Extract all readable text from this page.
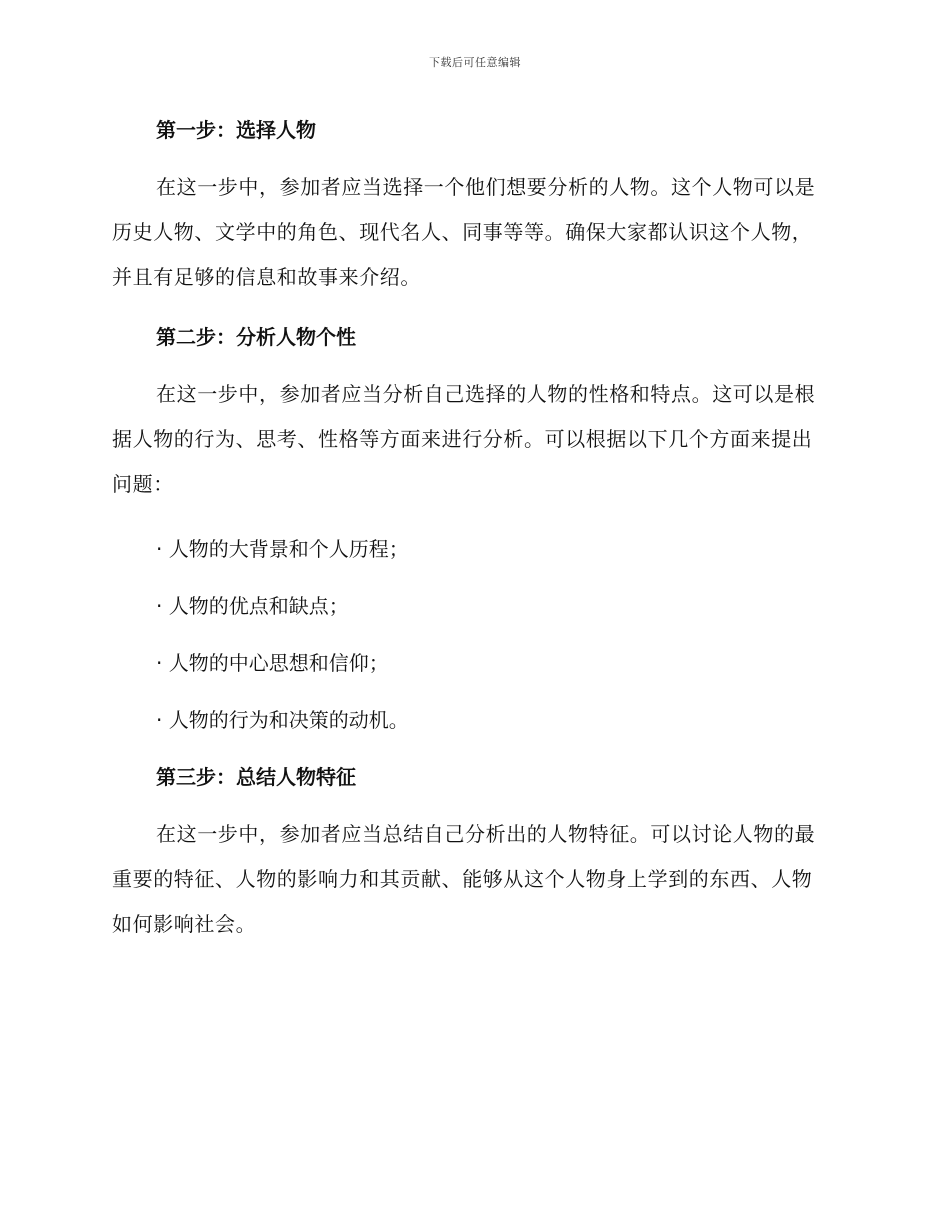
下载后可任意编辑

第一步：选择人物

在这一步中，参加者应当选择一个他们想要分析的人物。这个人物可以是历史人物、文学中的角色、现代名人、同事等等。确保大家都认识这个人物，并且有足够的信息和故事来介绍。

第二步：分析人物个性

在这一步中，参加者应当分析自己选择的人物的性格和特点。这可以是根据人物的行为、思考、性格等方面来进行分析。可以根据以下几个方面来提出问题：

· 人物的大背景和个人历程；

· 人物的优点和缺点；

· 人物的中心思想和信仰；

· 人物的行为和决策的动机。

第三步：总结人物特征

在这一步中，参加者应当总结自己分析出的人物特征。可以讨论人物的最重要的特征、人物的影响力和其贡献、能够从这个人物身上学到的东西、人物如何影响社会。
